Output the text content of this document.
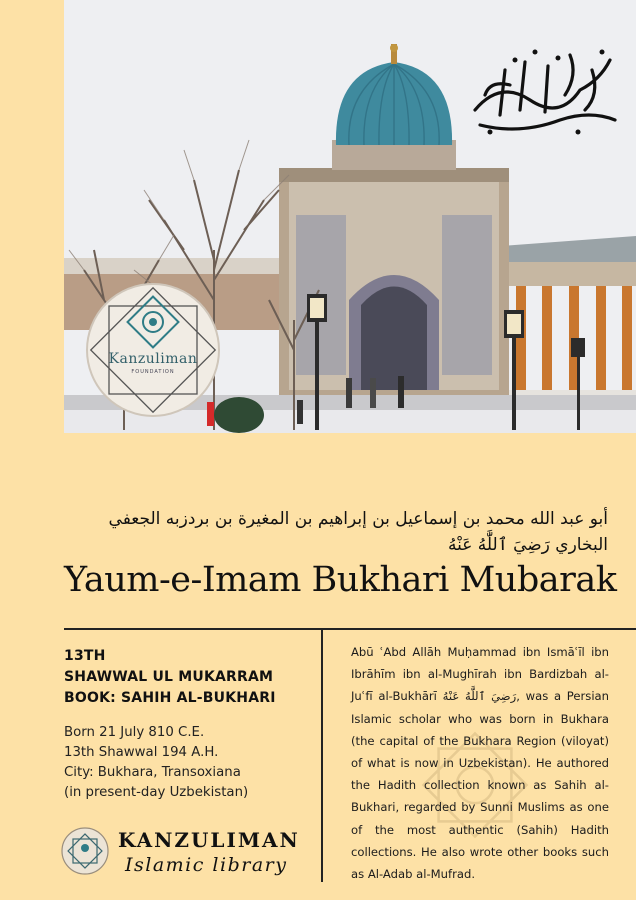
Kanzuliman
FOUNDATION
أبو عبد الله محمد بن إسماعيل بن إبراهيم بن المغيرة بن بردزبه الجعفي البخاري رَضِيَ ٱللَّٰهُ عَنْهُ
Yaum-e-Imam Bukhari Mubarak
13TH
SHAWWAL UL MUKARRAM
BOOK: SAHIH AL-BUKHARI
Born 21 July 810 C.E.
13th Shawwal 194 A.H.
City: Bukhara, Transoxiana
(in present-day Uzbekistan)
KANZULIMAN
Islamic library
Abū ʿAbd Allāh Muḥammad ibn Ismāʿīl ibn Ibrāhīm ibn al-Mughīrah ibn Bardizbah al-Juʿfī al-Bukhārī رَضِيَ ٱللَّٰهُ عَنْهُ, was a Persian Islamic scholar who was born in Bukhara (the capital of the Bukhara Region (viloyat) of what is now in Uzbekistan). He authored the Hadith collection known as Sahih al-Bukhari, regarded by Sunni Muslims as one of the most authentic (Sahih) Hadith collections. He also wrote other books such as Al-Adab al-Mufrad.
